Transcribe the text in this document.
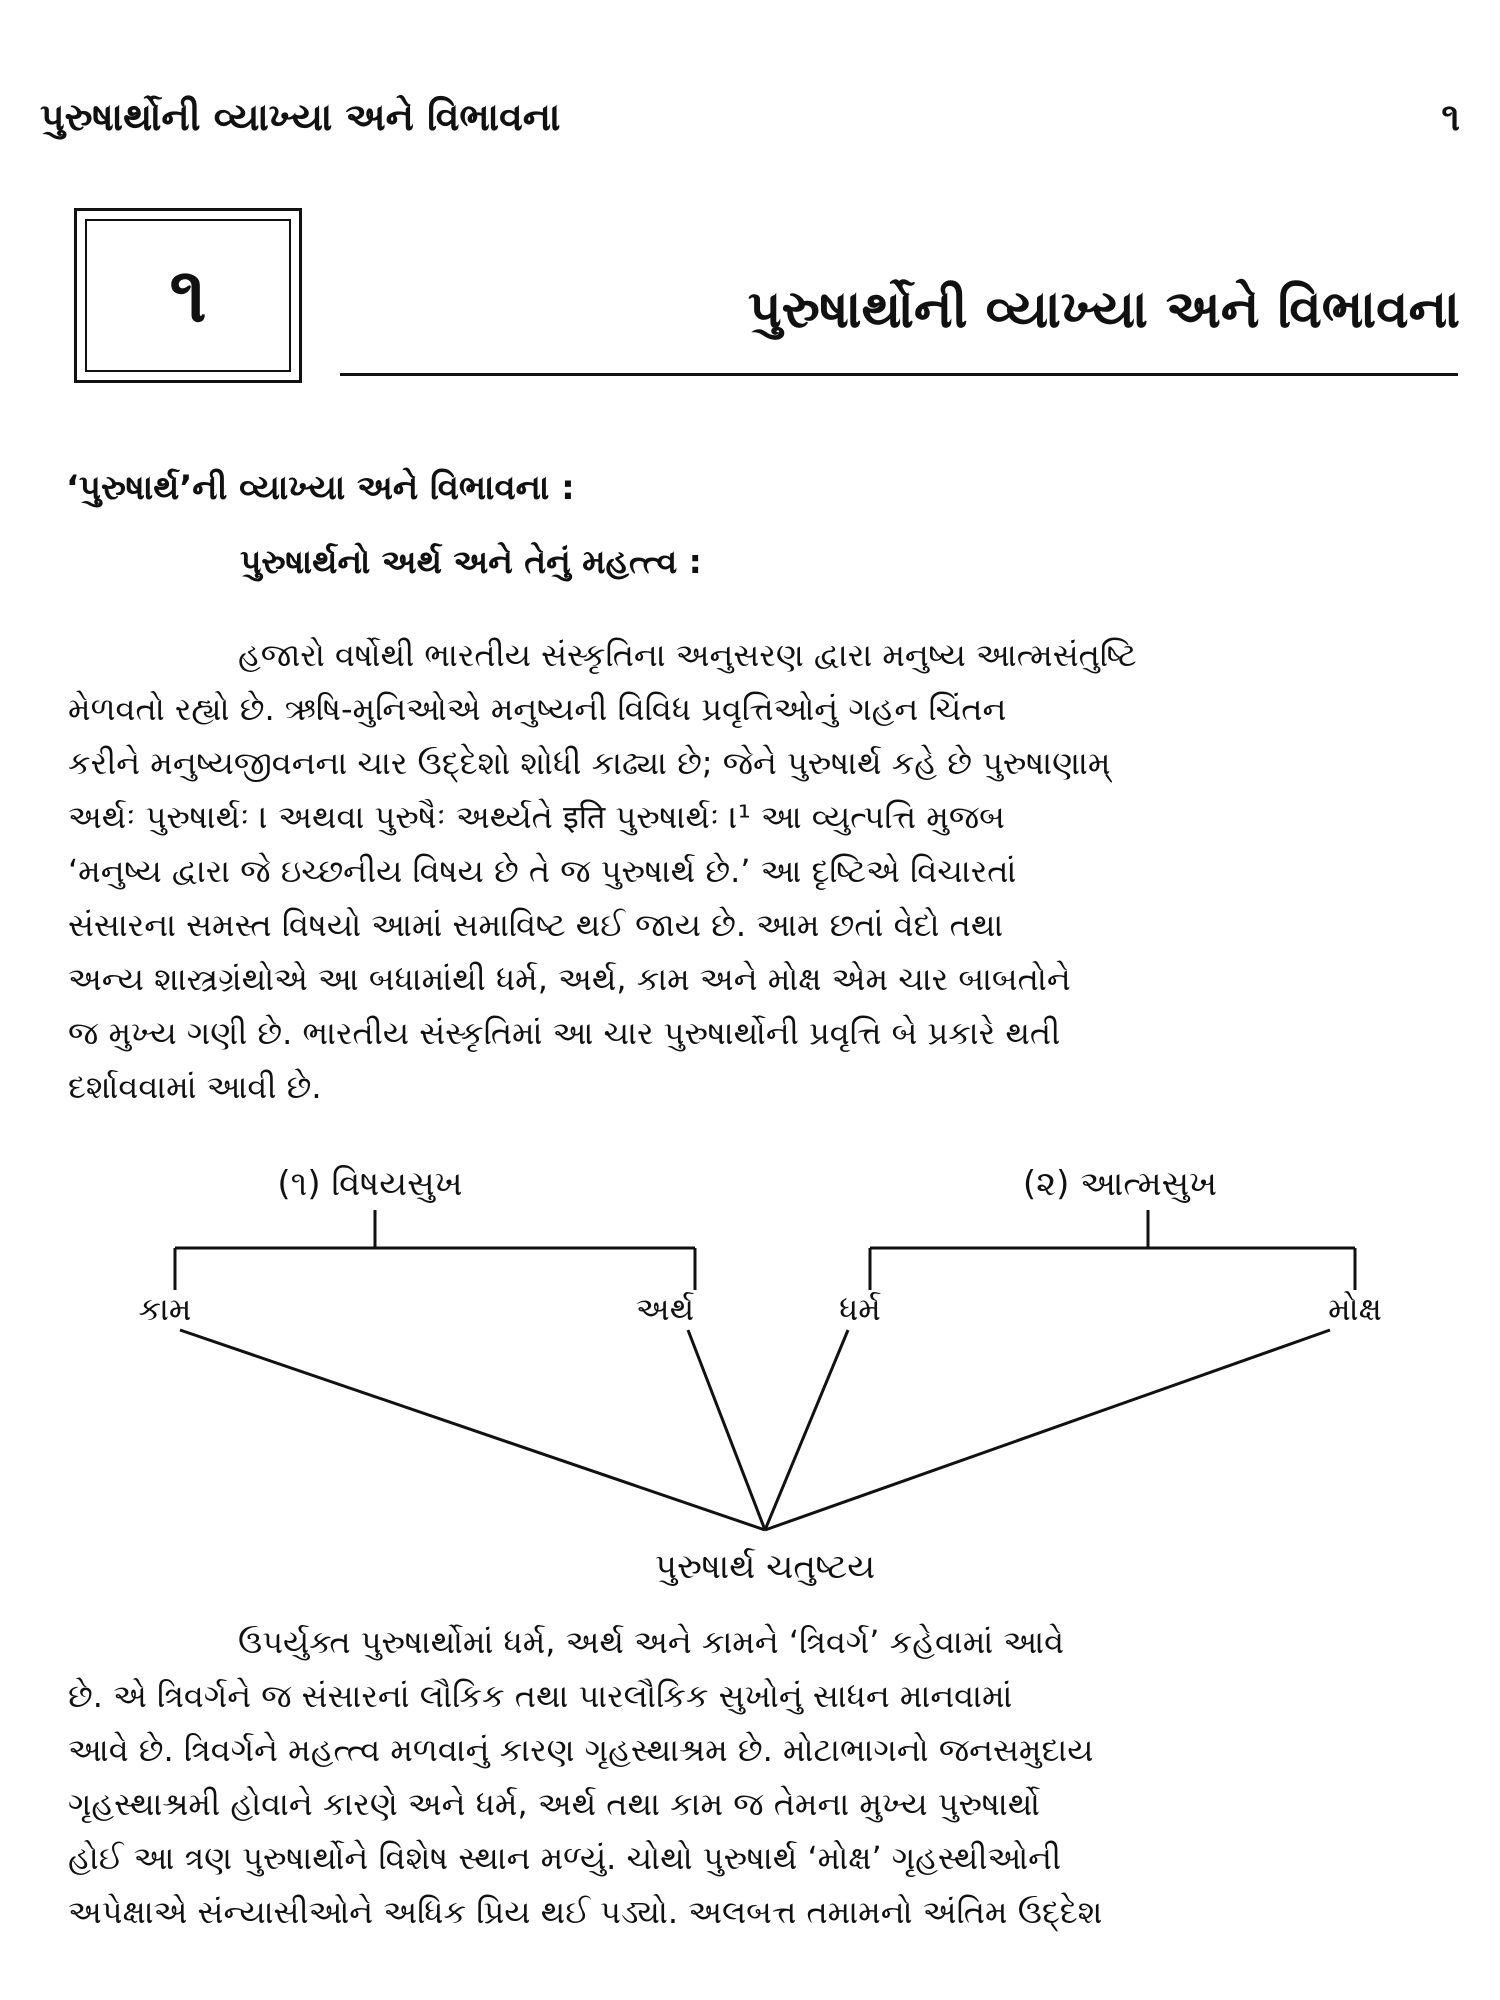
પુરુષાર્થોની વ્યાખ્યા અને વિભાવના	૧
૧	પુરુષાર્થોની વ્યાખ્યા અને વિભાવના
‘પુરુષાર્થ’ની વ્યાખ્યા અને વિભાવના :
પુરુષાર્થનો અર્થ અને તેનું મહત્ત્વ :
હજારો વર્ષોથી ભારતીય સંસ્કૃતિના અનુસરણ દ્વારા મનુષ્ય આત્મસંતુષ્ટિ
મેળવતો રહ્યો છે. ઋષિ-મુનિઓએ મનુષ્યની વિવિધ પ્રવૃત્તિઓનું ગહન ચિંતન
કરીને મનુષ્યજીવનના ચાર ઉદ્દેશો શોધી કાઢ્યા છે; જેને પુરુષાર્થ કહે છે પુરુષાણામ્
અર્થઃ પુરુષાર્થઃ । અથવા પુરુષૈઃ અર્થ્યતે इति પુરુષાર્થઃ ।¹ આ વ્યુત્પત્તિ મુજબ
‘મનુષ્ય દ્વારા જે ઇચ્છનીય વિષય છે તે જ પુરુષાર્થ છે.’ આ દૃષ્ટિએ વિચારતાં
સંસારના સમસ્ત વિષયો આમાં સમાવિષ્ટ થઈ જાય છે. આમ છતાં વેદો તથા
અન્ય શાસ્ત્રગ્રંથોએ આ બધામાંથી ધર્મ, અર્થ, કામ અને મોક્ષ એમ ચાર બાબતોને
જ મુખ્ય ગણી છે. ભારતીય સંસ્કૃતિમાં આ ચાર પુરુષાર્થોની પ્રવૃત્તિ બે પ્રકારે થતી
દર્શાવવામાં આવી છે.
(૧) વિષયસુખ	(૨) આત્મસુખ
કામ	અર્થ	ધર્મ	મોક્ષ
પુરુષાર્થ ચતુષ્ટય
ઉપર્યુક્ત પુરુષાર્થોમાં ધર્મ, અર્થ અને કામને ‘ત્રિવર્ગ’ કહેવામાં આવે
છે. એ ત્રિવર્ગને જ સંસારનાં લૌકિક તથા પારલૌકિક સુખોનું સાધન માનવામાં
આવે છે. ત્રિવર્ગને મહત્ત્વ મળવાનું કારણ ગૃહસ્થાશ્રમ છે. મોટાભાગનો જનસમુદાય
ગૃહસ્થાશ્રમી હોવાને કારણે અને ધર્મ, અર્થ તથા કામ જ તેમના મુખ્ય પુરુષાર્થો
હોઈ આ ત્રણ પુરુષાર્થોને વિશેષ સ્થાન મળ્યું. ચોથો પુરુષાર્થ ‘મોક્ષ’ ગૃહસ્થીઓની
અપેક્ષાએ સંન્યાસીઓને અધિક પ્રિય થઈ પડ્યો. અલબત્ત તમામનો અંતિમ ઉદ્દેશ
